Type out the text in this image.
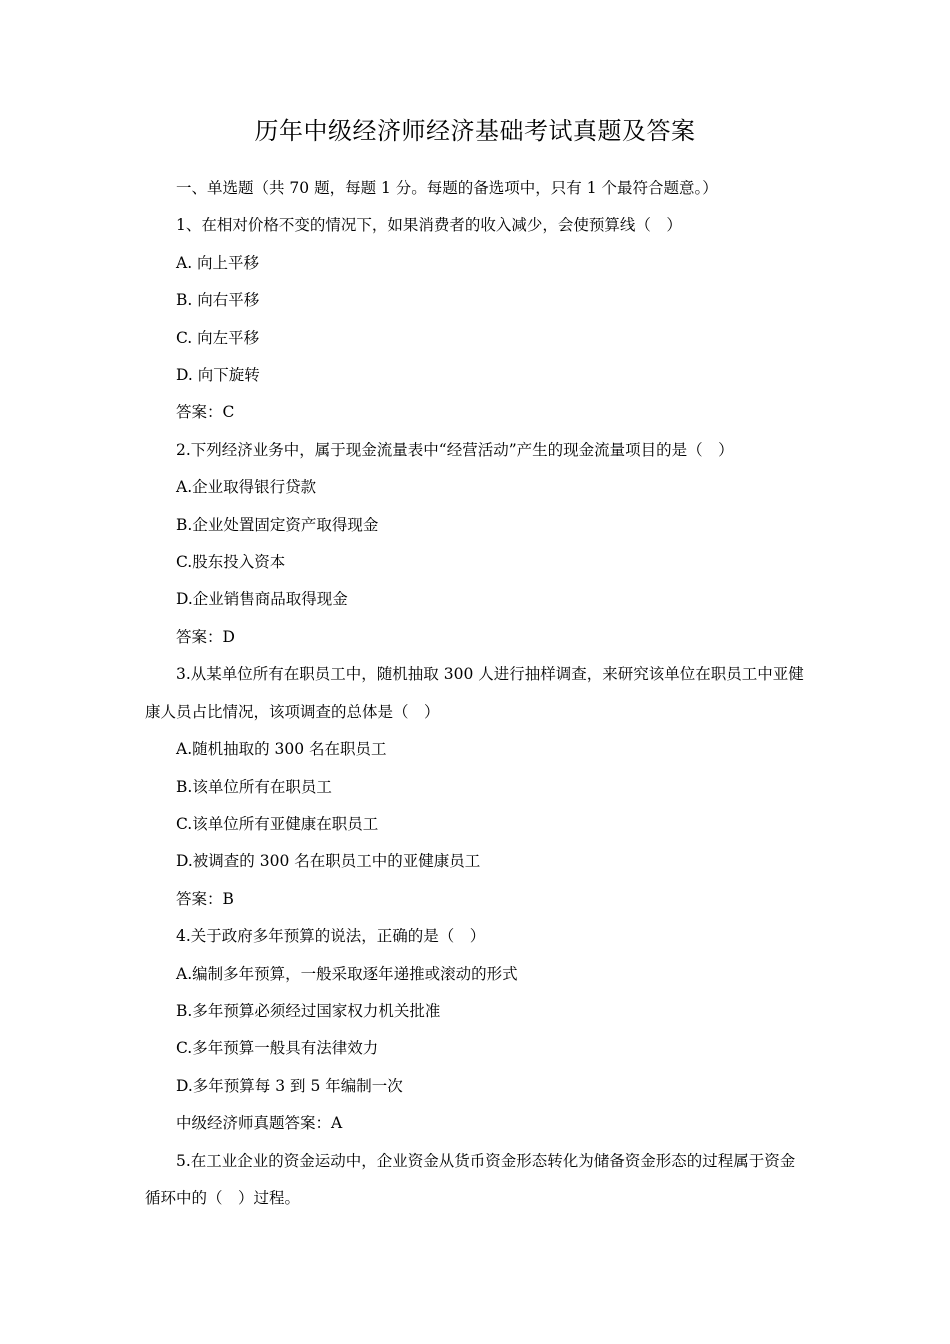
历年中级经济师经济基础考试真题及答案

一、单选题（共 70 题，每题 1 分。每题的备选项中，只有 1 个最符合题意。）

1、在相对价格不变的情况下，如果消费者的收入减少，会使预算线（　）

A. 向上平移

B. 向右平移

C. 向左平移

D. 向下旋转

答案：C

2.下列经济业务中，属于现金流量表中“经营活动”产生的现金流量项目的是（　）

A.企业取得银行贷款

B.企业处置固定资产取得现金

C.股东投入资本

D.企业销售商品取得现金

答案：D

3.从某单位所有在职员工中，随机抽取 300 人进行抽样调查，来研究该单位在职员工中亚健康人员占比情况，该项调查的总体是（　）

A.随机抽取的 300 名在职员工

B.该单位所有在职员工

C.该单位所有亚健康在职员工

D.被调查的 300 名在职员工中的亚健康员工

答案：B

4.关于政府多年预算的说法，正确的是（　）

A.编制多年预算，一般采取逐年递推或滚动的形式

B.多年预算必须经过国家权力机关批准

C.多年预算一般具有法律效力

D.多年预算每 3 到 5 年编制一次

中级经济师真题答案：A

5.在工业企业的资金运动中，企业资金从货币资金形态转化为储备资金形态的过程属于资金循环中的（　）过程。
